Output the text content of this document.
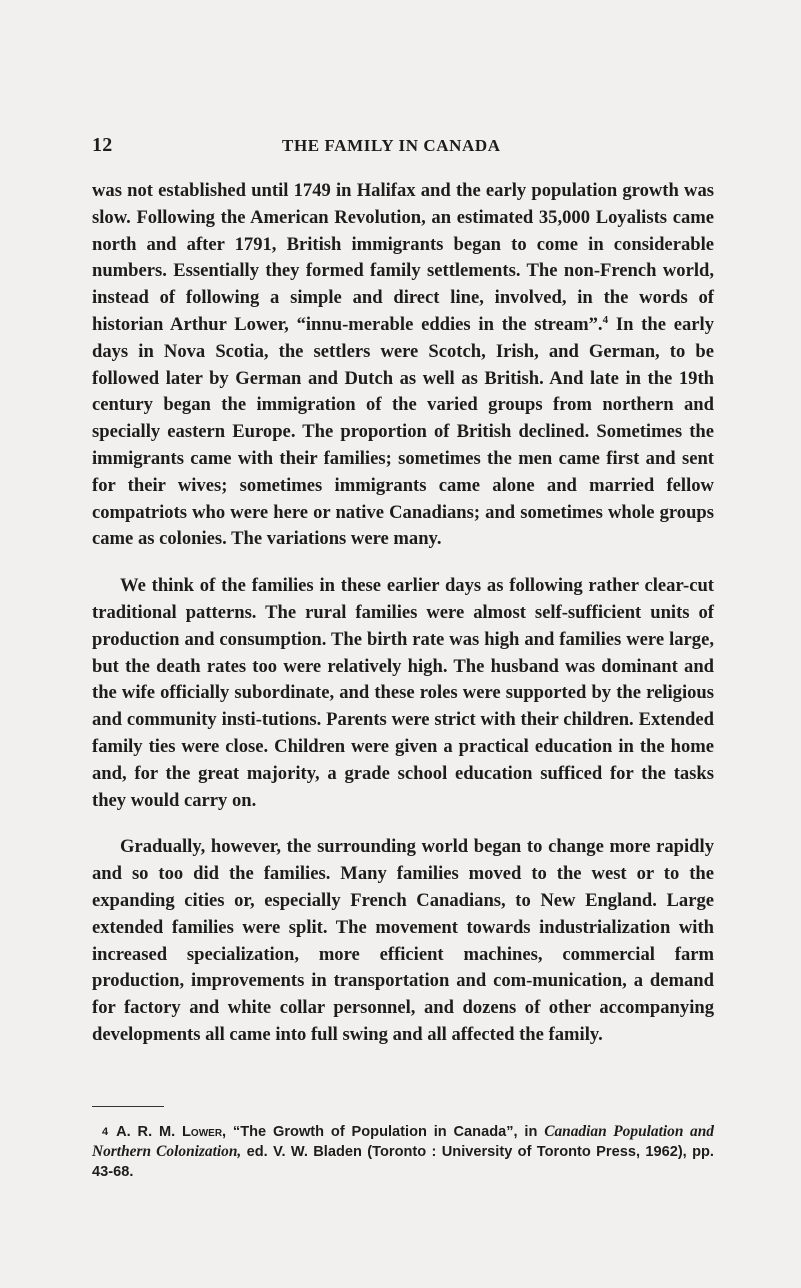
12	THE FAMILY IN CANADA

was not established until 1749 in Halifax and the early population growth was slow. Following the American Revolution, an estimated 35,000 Loyalists came north and after 1791, British immigrants began to come in considerable numbers. Essentially they formed family settlements. The non-French world, instead of following a simple and direct line, involved, in the words of historian Arthur Lower, “innu-merable eddies in the stream”.$^4$ In the early days in Nova Scotia, the settlers were Scotch, Irish, and German, to be followed later by German and Dutch as well as British. And late in the 19th century began the immigration of the varied groups from northern and specially eastern Europe. The proportion of British declined. Sometimes the immigrants came with their families; sometimes the men came first and sent for their wives; sometimes immigrants came alone and married fellow compatriots who were here or native Canadians; and sometimes whole groups came as colonies. The variations were many.

We think of the families in these earlier days as following rather clear-cut traditional patterns. The rural families were almost self-sufficient units of production and consumption. The birth rate was high and families were large, but the death rates too were relatively high. The husband was dominant and the wife officially subordinate, and these roles were supported by the religious and community insti-tutions. Parents were strict with their children. Extended family ties were close. Children were given a practical education in the home and, for the great majority, a grade school education sufficed for the tasks they would carry on.

Gradually, however, the surrounding world began to change more rapidly and so too did the families. Many families moved to the west or to the expanding cities or, especially French Canadians, to New England. Large extended families were split. The movement towards industrialization with increased specialization, more efficient machines, commercial farm production, improvements in transportation and com-munication, a demand for factory and white collar personnel, and dozens of other accompanying developments all came into full swing and all affected the family.

$^4$ A. R. M. Lower, “The Growth of Population in Canada”, in Canadian Population and Northern Colonization, ed. V. W. Bladen (Toronto : University of Toronto Press, 1962), pp. 43-68.
